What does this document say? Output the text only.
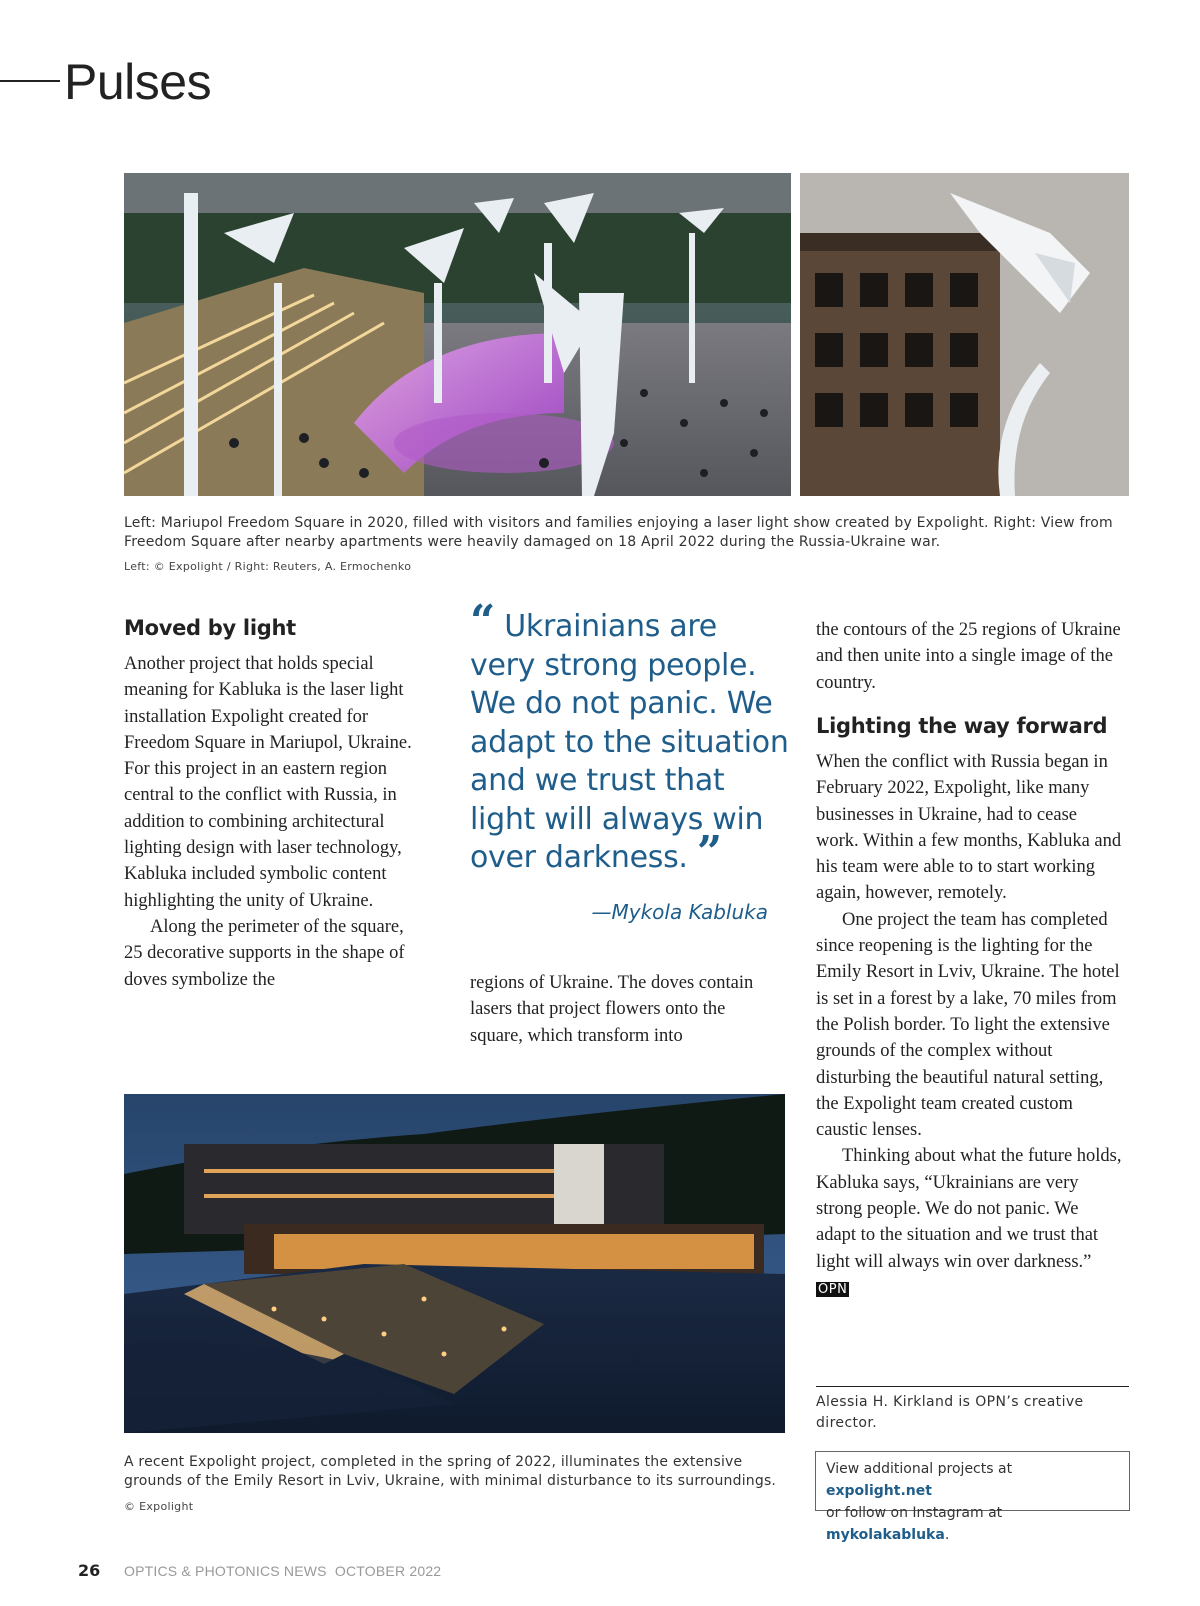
Pulses
Left: Mariupol Freedom Square in 2020, filled with visitors and families enjoying a laser light show created by Expolight. Right: View from Freedom Square after nearby apartments were heavily damaged on 18 April 2022 during the Russia-Ukraine war.
Left: © Expolight / Right: Reuters, A. Ermochenko
Moved by light

Another project that holds special meaning for Kabluka is the laser light installation Expolight created for Freedom Square in Mariupol, Ukraine. For this project in an eastern region central to the conflict with Russia, in addition to combining architectural lighting design with laser technology, Kabluka included symbolic content highlighting the unity of Ukraine.

Along the perimeter of the square, 25 decorative supports in the shape of doves symbolize the

“ Ukrainians are very strong people. We do not panic. We adapt to the situation and we trust that light will always win over darkness. ”
—Mykola Kabluka

regions of Ukraine. The doves contain lasers that project flowers onto the square, which transform into

the contours of the 25 regions of Ukraine and then unite into a single image of the country.

Lighting the way forward

When the conflict with Russia began in February 2022, Expolight, like many businesses in Ukraine, had to cease work. Within a few months, Kabluka and his team were able to to start working again, however, remotely.

One project the team has completed since reopening is the lighting for the Emily Resort in Lviv, Ukraine. The hotel is set in a forest by a lake, 70 miles from the Polish border. To light the extensive grounds of the complex without disturbing the beautiful natural setting, the Expolight team created custom caustic lenses.

Thinking about what the future holds, Kabluka says, “Ukrainians are very strong people. We do not panic. We adapt to the situation and we trust that light will always win over darkness.” OPN

A recent Expolight project, completed in the spring of 2022, illuminates the extensive grounds of the Emily Resort in Lviv, Ukraine, with minimal disturbance to its surroundings.
© Expolight
Alessia H. Kirkland is OPN’s creative director.
View additional projects at expolight.net
or follow on Instagram at mykolakabluka.
26 OPTICS & PHOTONICS NEWS  OCTOBER 2022
